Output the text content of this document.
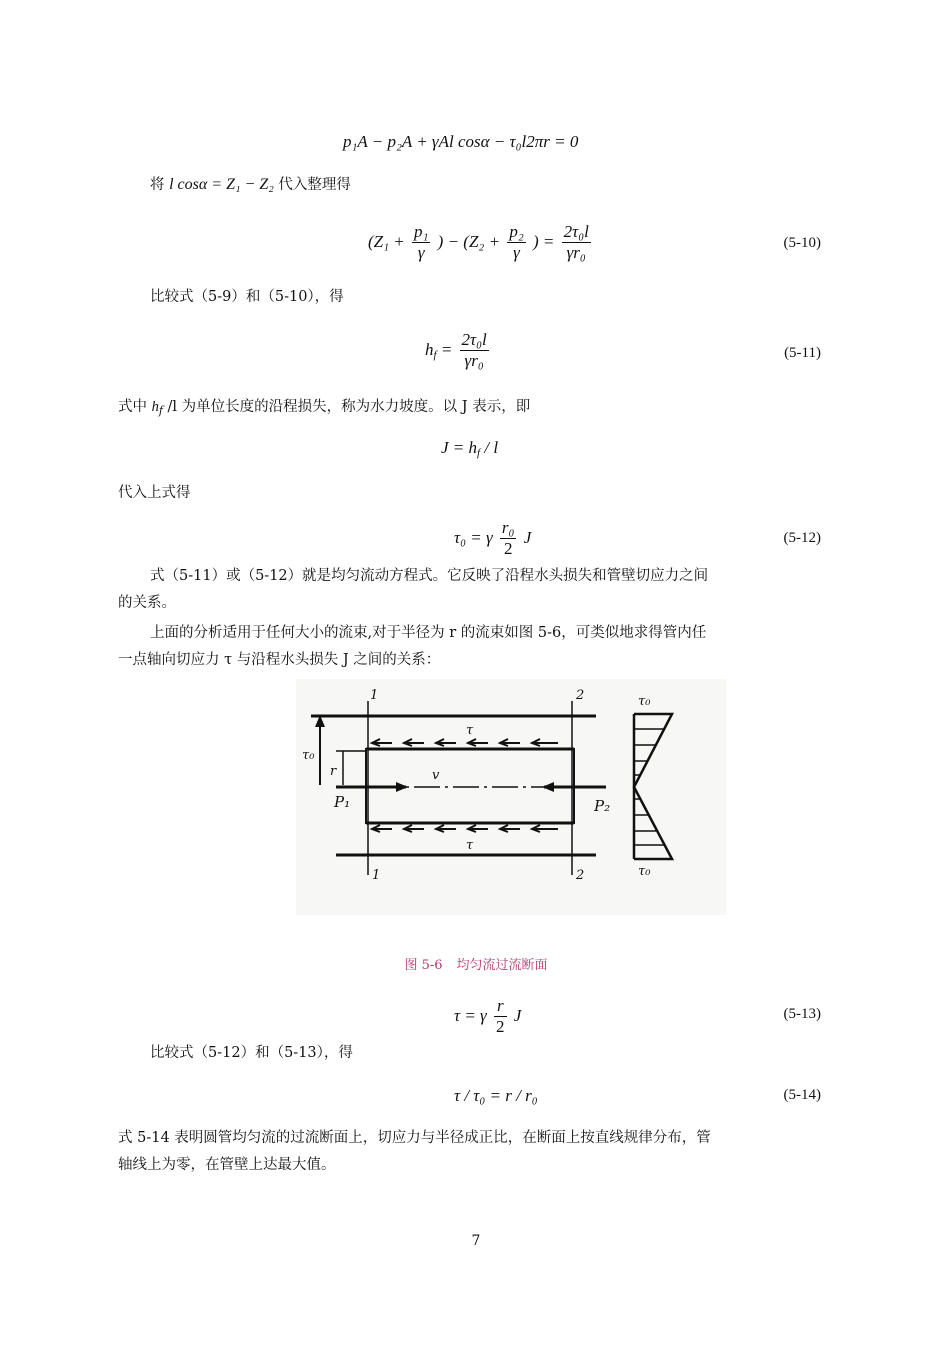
p₁A − p₂A + γAl cosα − τ₀l2πr = 0
将 l cosα = Z₁ − Z₂ 代入整理得
($Z_1 + \frac{\text{p₁}}{\gamma}$ ) − ($Z_2 + \frac{\text{p₂}}{\gamma}$ ) = $\frac{\text{2τ₀l}}{\text{γr₀}}$	(5-10)
比较式（5-9）和（5-10），得
$h_f = \frac{\text{2τ₀l}}{\text{γr₀}}$	(5-11)
式中 $h_f$ /l 为单位长度的沿程损失，称为水力坡度。以 J 表示，即
$J = h_f / l$
代入上式得
τ₀ = γ $\frac{\text{r₀}}{2}$ J	(5-12)
式（5-11）或（5-12）就是均匀流动方程式。它反映了沿程水头损失和管壁切应力之间
的关系。
上面的分析适用于任何大小的流束,对于半径为 r 的流束如图 5-6，可类似地求得管内任
一点轴向切应力 τ 与沿程水头损失 J 之间的关系：
1	2
1	2
τ₀
r
τ
τ
v
P₁	P₂
τ₀
τ₀
图 5-6 均匀流过流断面
τ = γ $\frac{r}{2}$ J	(5-13)
比较式（5-12）和（5-13），得
τ / τ₀ = r / r₀	(5-14)
式 5-14 表明圆管均匀流的过流断面上，切应力与半径成正比，在断面上按直线规律分布，管
轴线上为零，在管壁上达最大值。
7
